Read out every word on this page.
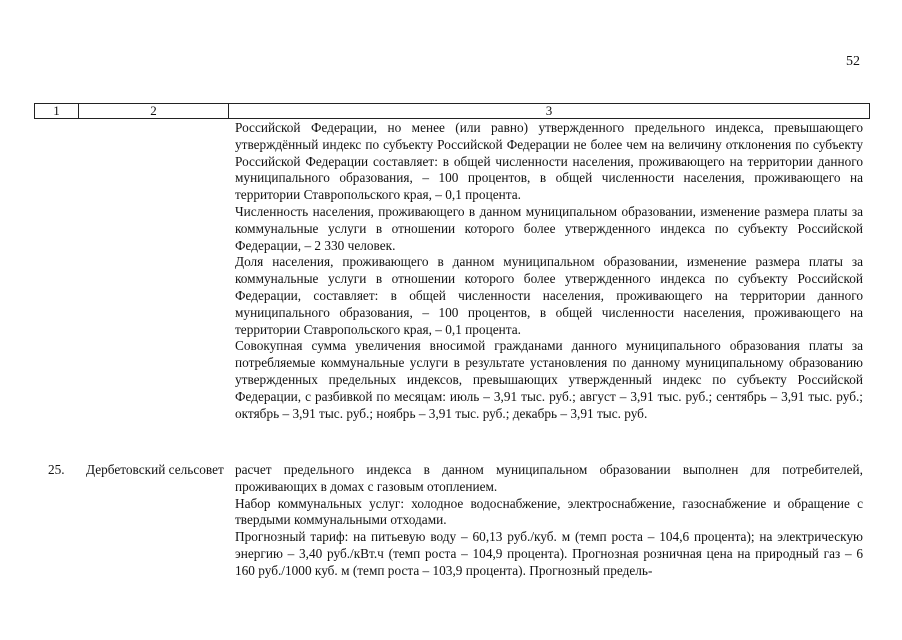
52
1	2	3

Российской Федерации, но менее (или равно) утвержденного предельного индекса, превышающего утверждённый индекс по субъекту Российской Федерации не более чем на величину отклонения по субъекту Российской Федерации составляет: в общей численности населения, проживающего на территории данного муниципального образования, – 100 процентов, в общей численности населения, проживающего на территории Ставропольского края, – 0,1 процента.

Численность населения, проживающего в данном муниципальном образовании, изменение размера платы за коммунальные услуги в отношении которого более утвержденного индекса по субъекту Российской Федерации, – 2 330 человек.

Доля населения, проживающего в данном муниципальном образовании, изменение размера платы за коммунальные услуги в отношении которого более утвержденного индекса по субъекту Российской Федерации, составляет: в общей численности населения, проживающего на территории данного муниципального образования, – 100 процентов, в общей численности населения, проживающего на территории Ставропольского края, – 0,1 процента.

Совокупная сумма увеличения вносимой гражданами данного муниципального образования платы за потребляемые коммунальные услуги в результате установления по данному муниципальному образованию утвержденных предельных индексов, превышающих утвержденный индекс по субъекту Российской Федерации, с разбивкой по месяцам: июль – 3,91 тыс. руб.; август – 3,91 тыс. руб.; сентябрь – 3,91 тыс. руб.; октябрь – 3,91 тыс. руб.; ноябрь – 3,91 тыс. руб.; декабрь – 3,91 тыс. руб.

25. Дербетовский сельсовет расчет предельного индекса в данном муниципальном образовании выполнен для потребителей, проживающих в домах с газовым отоплением.

Набор коммунальных услуг: холодное водоснабжение, электроснабжение, газоснабжение и обращение с твердыми коммунальными отходами.

Прогнозный тариф: на питьевую воду – 60,13 руб./куб. м (темп роста – 104,6 процента); на электрическую энергию – 3,40 руб./кВт.ч (темп роста – 104,9 процента). Прогнозная розничная цена на природный газ – 6 160 руб./1000 куб. м (темп роста – 103,9 процента). Прогнозный предель-
